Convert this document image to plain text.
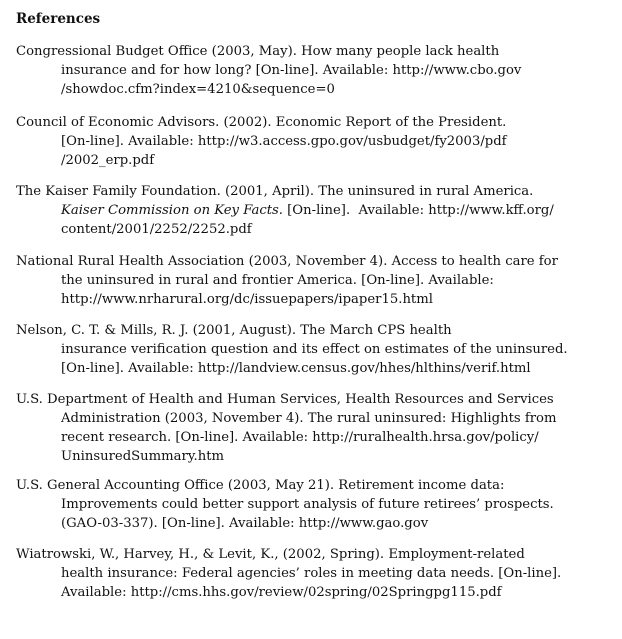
References
Congressional Budget Office (2003, May). How many people lack health
insurance and for how long? [On-line]. Available: http://www.cbo.gov
/showdoc.cfm?index=4210&sequence=0
Council of Economic Advisors. (2002). Economic Report of the President.
[On-line]. Available: http://w3.access.gpo.gov/usbudget/fy2003/pdf
/2002_erp.pdf
The Kaiser Family Foundation. (2001, April). The uninsured in rural America.
Kaiser Commission on Key Facts. [On-line].  Available: http://www.kff.org/
content/2001/2252/2252.pdf
National Rural Health Association (2003, November 4). Access to health care for
the uninsured in rural and frontier America. [On-line]. Available:
http://www.nrharural.org/dc/issuepapers/ipaper15.html
Nelson, C. T. & Mills, R. J. (2001, August). The March CPS health
insurance verification question and its effect on estimates of the uninsured.
[On-line]. Available: http://landview.census.gov/hhes/hlthins/verif.html
U.S. Department of Health and Human Services, Health Resources and Services
Administration (2003, November 4). The rural uninsured: Highlights from
recent research. [On-line]. Available: http://ruralhealth.hrsa.gov/policy/
UninsuredSummary.htm
U.S. General Accounting Office (2003, May 21). Retirement income data:
Improvements could better support analysis of future retirees’ prospects.
(GAO-03-337). [On-line]. Available: http://www.gao.gov
Wiatrowski, W., Harvey, H., & Levit, K., (2002, Spring). Employment-related
health insurance: Federal agencies’ roles in meeting data needs. [On-line].
Available: http://cms.hhs.gov/review/02spring/02Springpg115.pdf
